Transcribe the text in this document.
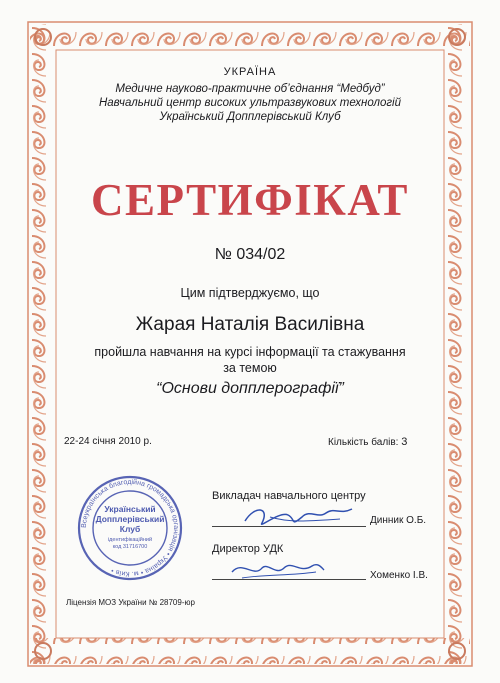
УКРАЇНА
Медичне науково-практичне об’єднання “Медбуд”
Навчальний центр високих ультразвукових технологій
Український Допплерівський Клуб
СЕРТИФІКАТ
№ 034/02
Цим підтверджуємо, що
Жарая Наталія Василівна
пройшла навчання на курсі інформації та стажування
за темою
“Основи допплерографії”
22-24 січня 2010 р.	Кількість балів: 3
Всеукраїнська благодійна громадська організація • Україна • м. Київ •
Український
Допплерівський
Клуб
ідентифікаційний
код 31716700
Викладач навчального центру
Динник О.Б.
Директор УДК
Хоменко І.В.
Ліцензія МОЗ України № 28709-юр
